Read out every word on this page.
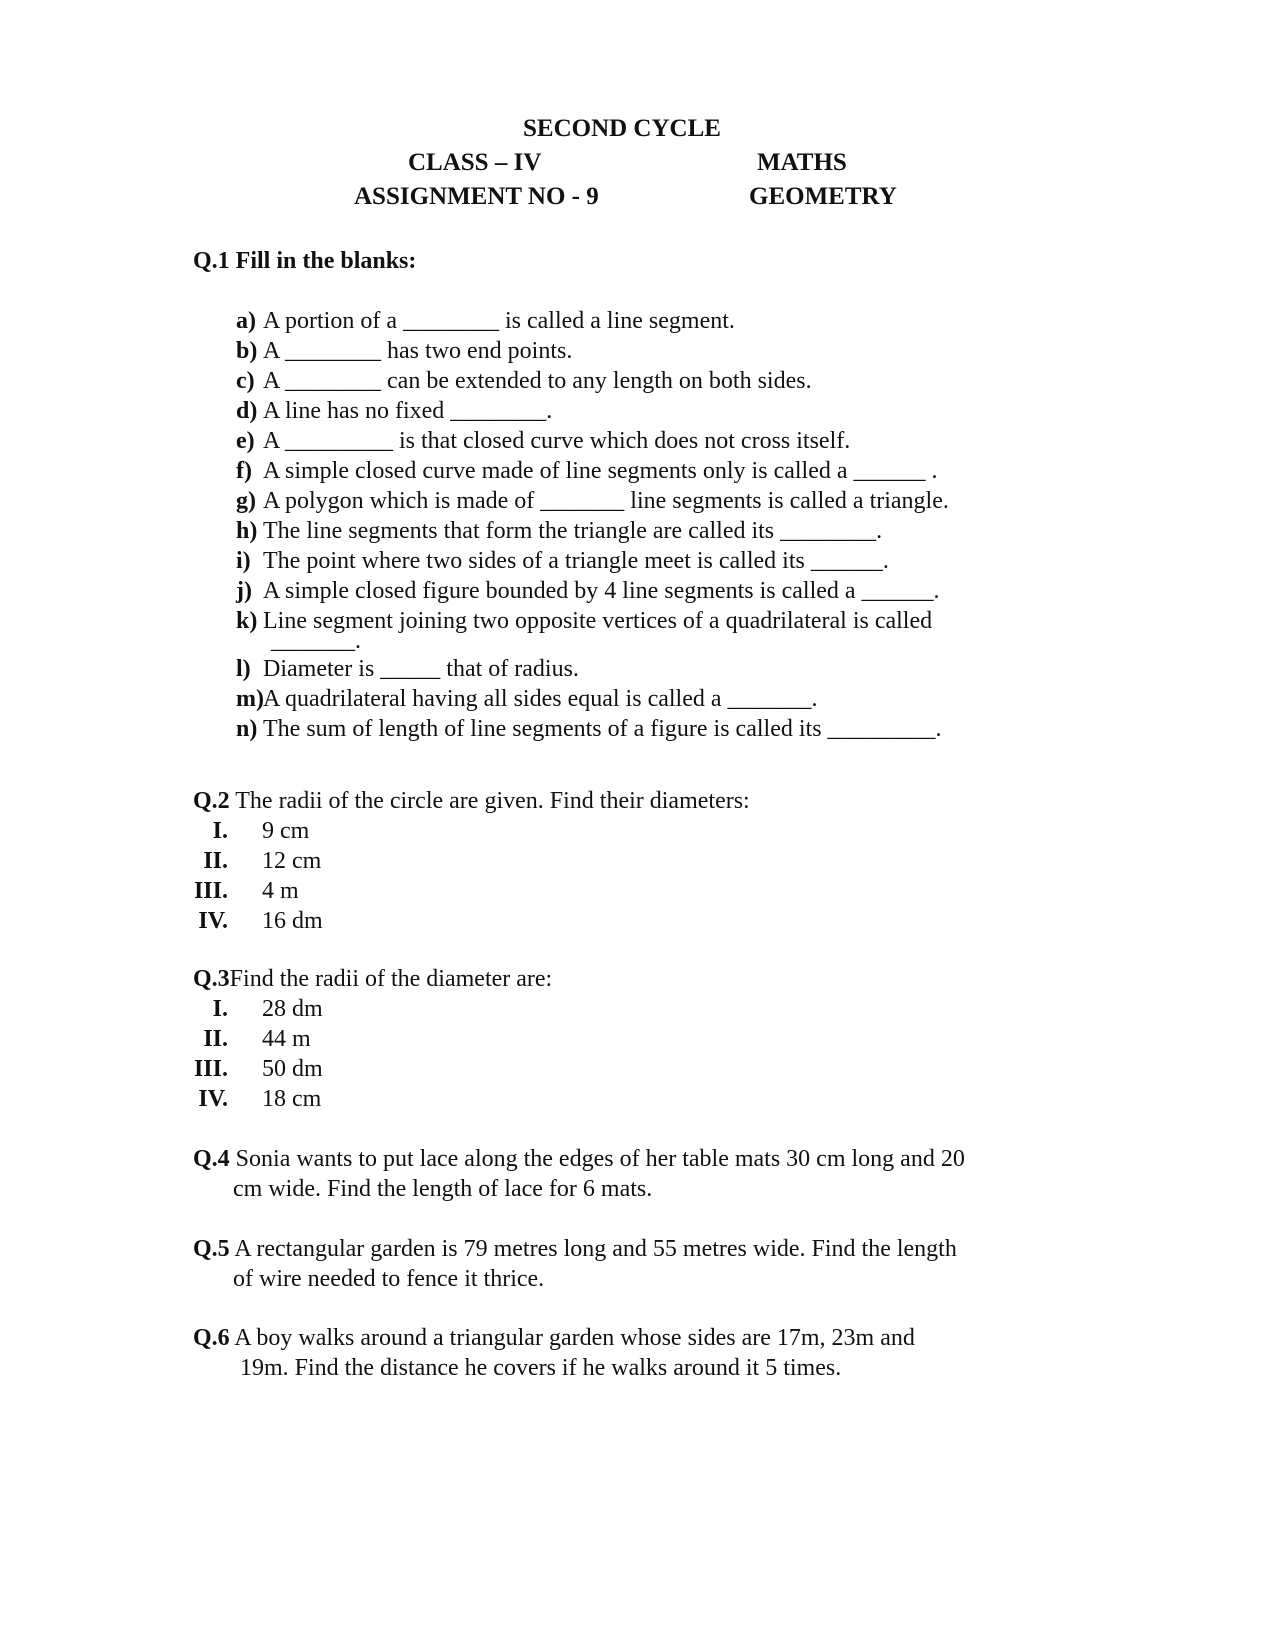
SECOND CYCLE
CLASS – IV	MATHS
ASSIGNMENT NO - 9	GEOMETRY
Q.1 Fill in the blanks:
a) A portion of a ________ is called a line segment.
b) A ________ has two end points.
c) A ________ can be extended to any length on both sides.
d) A line has no fixed ________.
e) A _________ is that closed curve which does not cross itself.
f) A simple closed curve made of line segments only is called a ______ .
g) A polygon which is made of _______ line segments is called a triangle.
h) The line segments that form the triangle are called its ________.
i) The point where two sides of a triangle meet is called its ______.
j) A simple closed figure bounded by 4 line segments is called a ______.
k) Line segment joining two opposite vertices of a quadrilateral is called
_______.
l) Diameter is _____ that of radius.
m) A quadrilateral having all sides equal is called a _______.
n) The sum of length of line segments of a figure is called its _________.
Q.2 The radii of the circle are given. Find their diameters:
I. 9 cm
II. 12 cm
III. 4 m
IV. 16 dm
Q.3Find the radii of the diameter are:
I. 28 dm
II. 44 m
III. 50 dm
IV. 18 cm
Q.4 Sonia wants to put lace along the edges of her table mats 30 cm long and 20
cm wide. Find the length of lace for 6 mats.
Q.5 A rectangular garden is 79 metres long and 55 metres wide. Find the length
of wire needed to fence it thrice.
Q.6 A boy walks around a triangular garden whose sides are 17m, 23m and
19m. Find the distance he covers if he walks around it 5 times.
